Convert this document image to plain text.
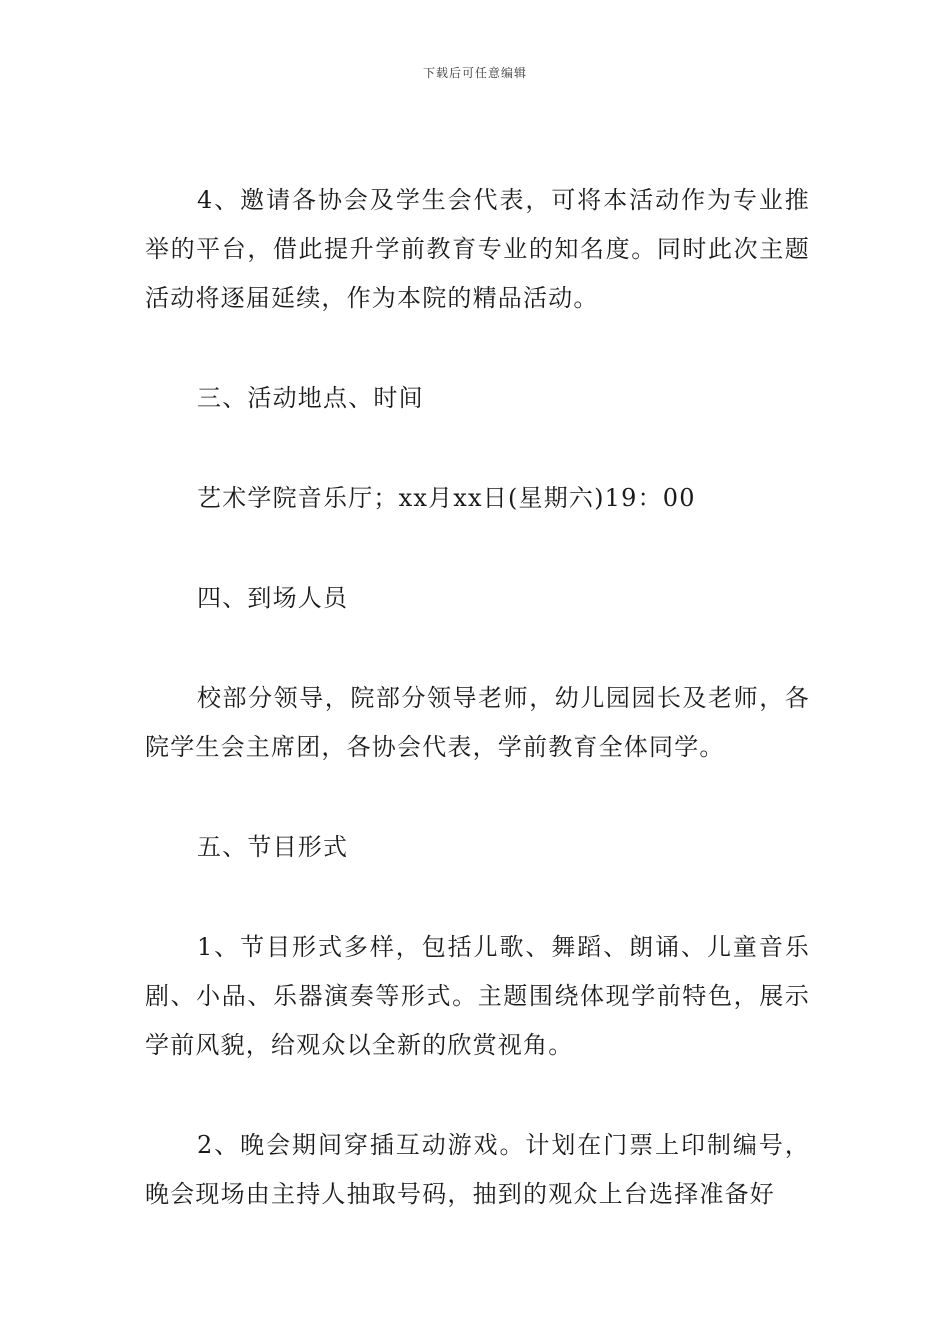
下载后可任意编辑

4、邀请各协会及学生会代表，可将本活动作为专业推举的平台，借此提升学前教育专业的知名度。同时此次主题活动将逐届延续，作为本院的精品活动。

三、活动地点、时间

艺术学院音乐厅；xx月xx日(星期六)19：00

四、到场人员

校部分领导，院部分领导老师，幼儿园园长及老师，各院学生会主席团，各协会代表，学前教育全体同学。

五、节目形式

1、节目形式多样，包括儿歌、舞蹈、朗诵、儿童音乐剧、小品、乐器演奏等形式。主题围绕体现学前特色，展示学前风貌，给观众以全新的欣赏视角。

2、晚会期间穿插互动游戏。计划在门票上印制编号，晚会现场由主持人抽取号码，抽到的观众上台选择准备好
